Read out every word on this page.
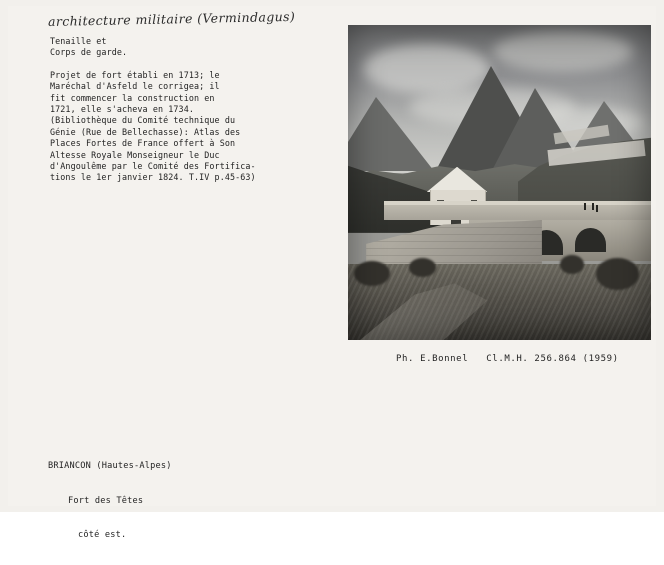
architecture militaire (Vermindagus)
Tenaille et
Corps de garde.
Projet de fort établi en 1713; le
Maréchal d'Asfeld le corrigea; il
fit commencer la construction en
1721, elle s'acheva en 1734.
(Bibliothèque du Comité technique du
Génie (Rue de Bellechasse): Atlas des
Places Fortes de France offert à Son
Altesse Royale Monseigneur le Duc
d'Angoulême par le Comité des Fortifica-
tions le 1er janvier 1824. T.IV p.45-63)
Ph. E.Bonnel   Cl.M.H. 256.864 (1959)

BRIANCON (Hautes-Alpes)

Fort des Têtes

côté est.
